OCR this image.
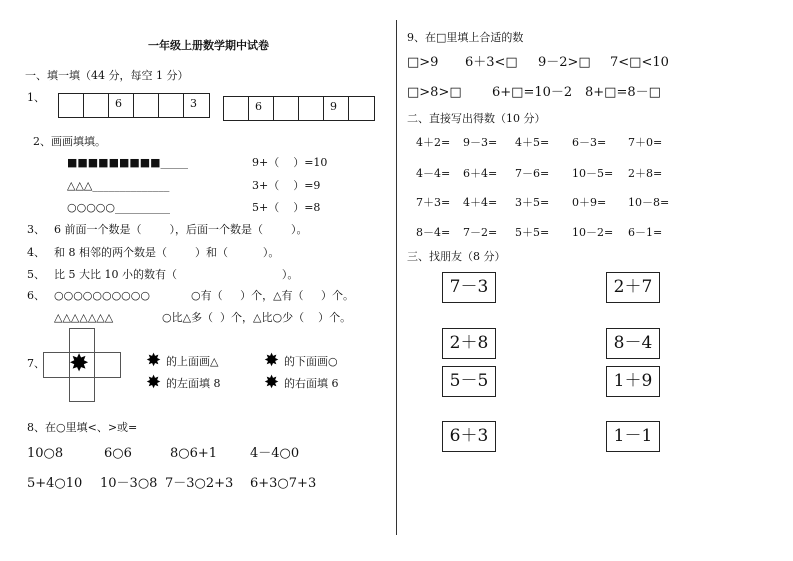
一年级上册数学期中试卷
一、填一填（44 分，每空 1 分）
1、	6	3	6	9
2、画画填填。
■■■■■■■■■_____	9+（    ）=10
△△△______________	3+（    ）=9
○○○○○__________	5+（    ）=8
3、 6 前面一个数是（        ），后面一个数是（        ）。
4、 和 8 相邻的两个数是（        ）和（          ）。
5、 比 5 大比 10 小的数有（                              ）。
6、 ○○○○○○○○○○	○有（     ）个，△有（     ）个。
△△△△△△△	○比△多（  ）个，△比○少（    ）个。
7、 ✸	✸ 的上面画△	✸ 的下面画○
✸ 的左面填 8 ✸ 的右面填 6
8、在○里填<、>或=
10○8	6○6	8○6+1	4－4○0
5+4○10 10－3○8 7－3○2+3 6+3○7+3
9、在□里填上合适的数
□>9 6＋3<□ 9－2>□ 7<□<10
□>8>□ 6+□=10－2 8+□=8－□
二、直接写出得数（10 分）
4＋2= 9－3= 4＋5= 6－3= 7＋0=
4－4= 6＋4= 7－6= 10－5= 2＋8=
7＋3= 4＋4= 3＋5= 0＋9= 10－8=
8－4= 7－2= 5＋5= 10－2= 6－1=
三、找朋友（8 分）
7－3
2＋8
5－5
6＋3
2＋7
8－4
1＋9
1－1
